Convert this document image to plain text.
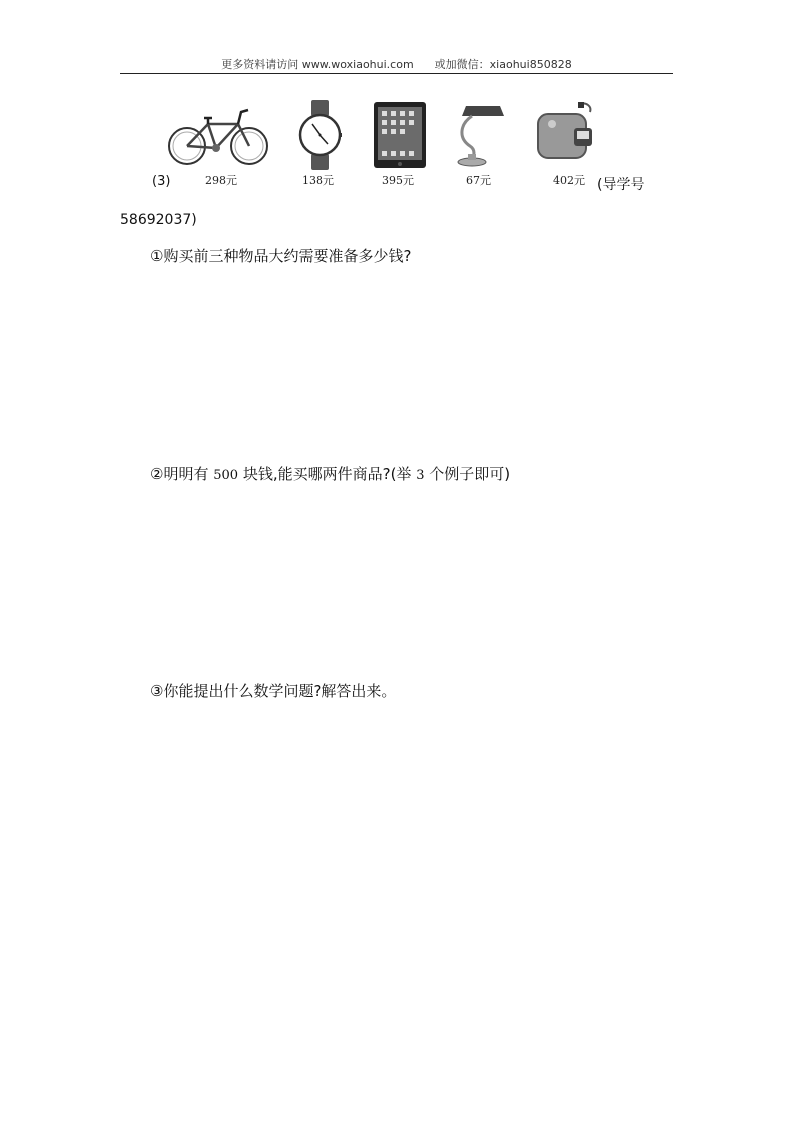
更多资料请访问 www.woxiaohui.com 或加微信：xiaohui850828
(3)	298元	138元	395元	67元	402元 (导学号
58692037)
①购买前三种物品大约需要准备多少钱?
②明明有 500 块钱,能买哪两件商品?(举 3 个例子即可)
③你能提出什么数学问题?解答出来。
